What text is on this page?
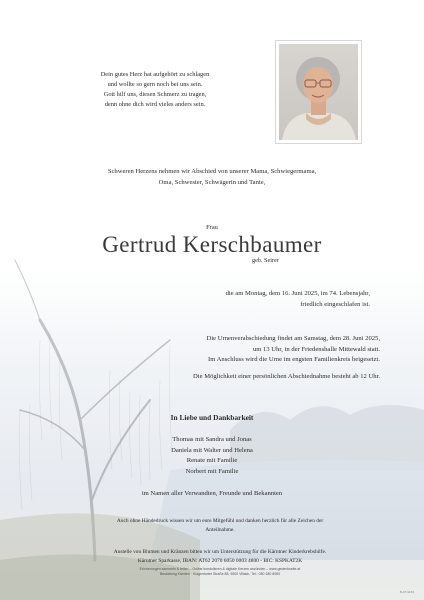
Dein gutes Herz hat aufgehört zu schlagen
und wollte so gern noch bei uns sein.
Gott hilf uns, diesen Schmerz zu tragen,
denn ohne dich wird vieles anders sein.
Schweren Herzens nehmen wir Abschied von unserer Mama, Schwiegermama,
Oma, Schwester, Schwägerin und Tante,
Frau
Gertrud Kerschbaumer
geb. Seirer
die am Montag, dem 16. Juni 2025, im 74. Lebensjahr,
friedlich eingeschlafen ist.
Die Urnenverabschiedung findet am Samstag, dem 28. Juni 2025,
um 13 Uhr, in der Friedenshalle Mittewald statt.
Im Anschluss wird die Urne im engsten Familienkreis beigesetzt.
Die Möglichkeit einer persönlichen Abschiednahme besteht ab 12 Uhr.
In Liebe und Dankbarkeit
Thomas mit Sandra und Jonas
Daniela mit Walter und Helena
Renate mit Familie
Norbert mit Familie
im Namen aller Verwandten, Freunde und Bekannten
Auch ohne Händedruck wissen wir um eure Mitgefühl und danken herzlich für alle Zeichen der
Anteilnahme.
Anstelle von Blumen und Kränzen bitten wir um Unterstützung für die Kärntner Kinderkrebshilfe.
Kärntner Sparkasse, IBAN: AT62 2070 6050 0003 4800 - BIC: KSPKAT2K
Erinnerungen sammeln & teilen – Online kondolieren & digitale Kerzen anzünden – www.gedenkseite.at
Bestattung Kärnten · Klagenfurter Straße 88, 9500 Villach, Tel.: 050 180 8080
B-07-9153
